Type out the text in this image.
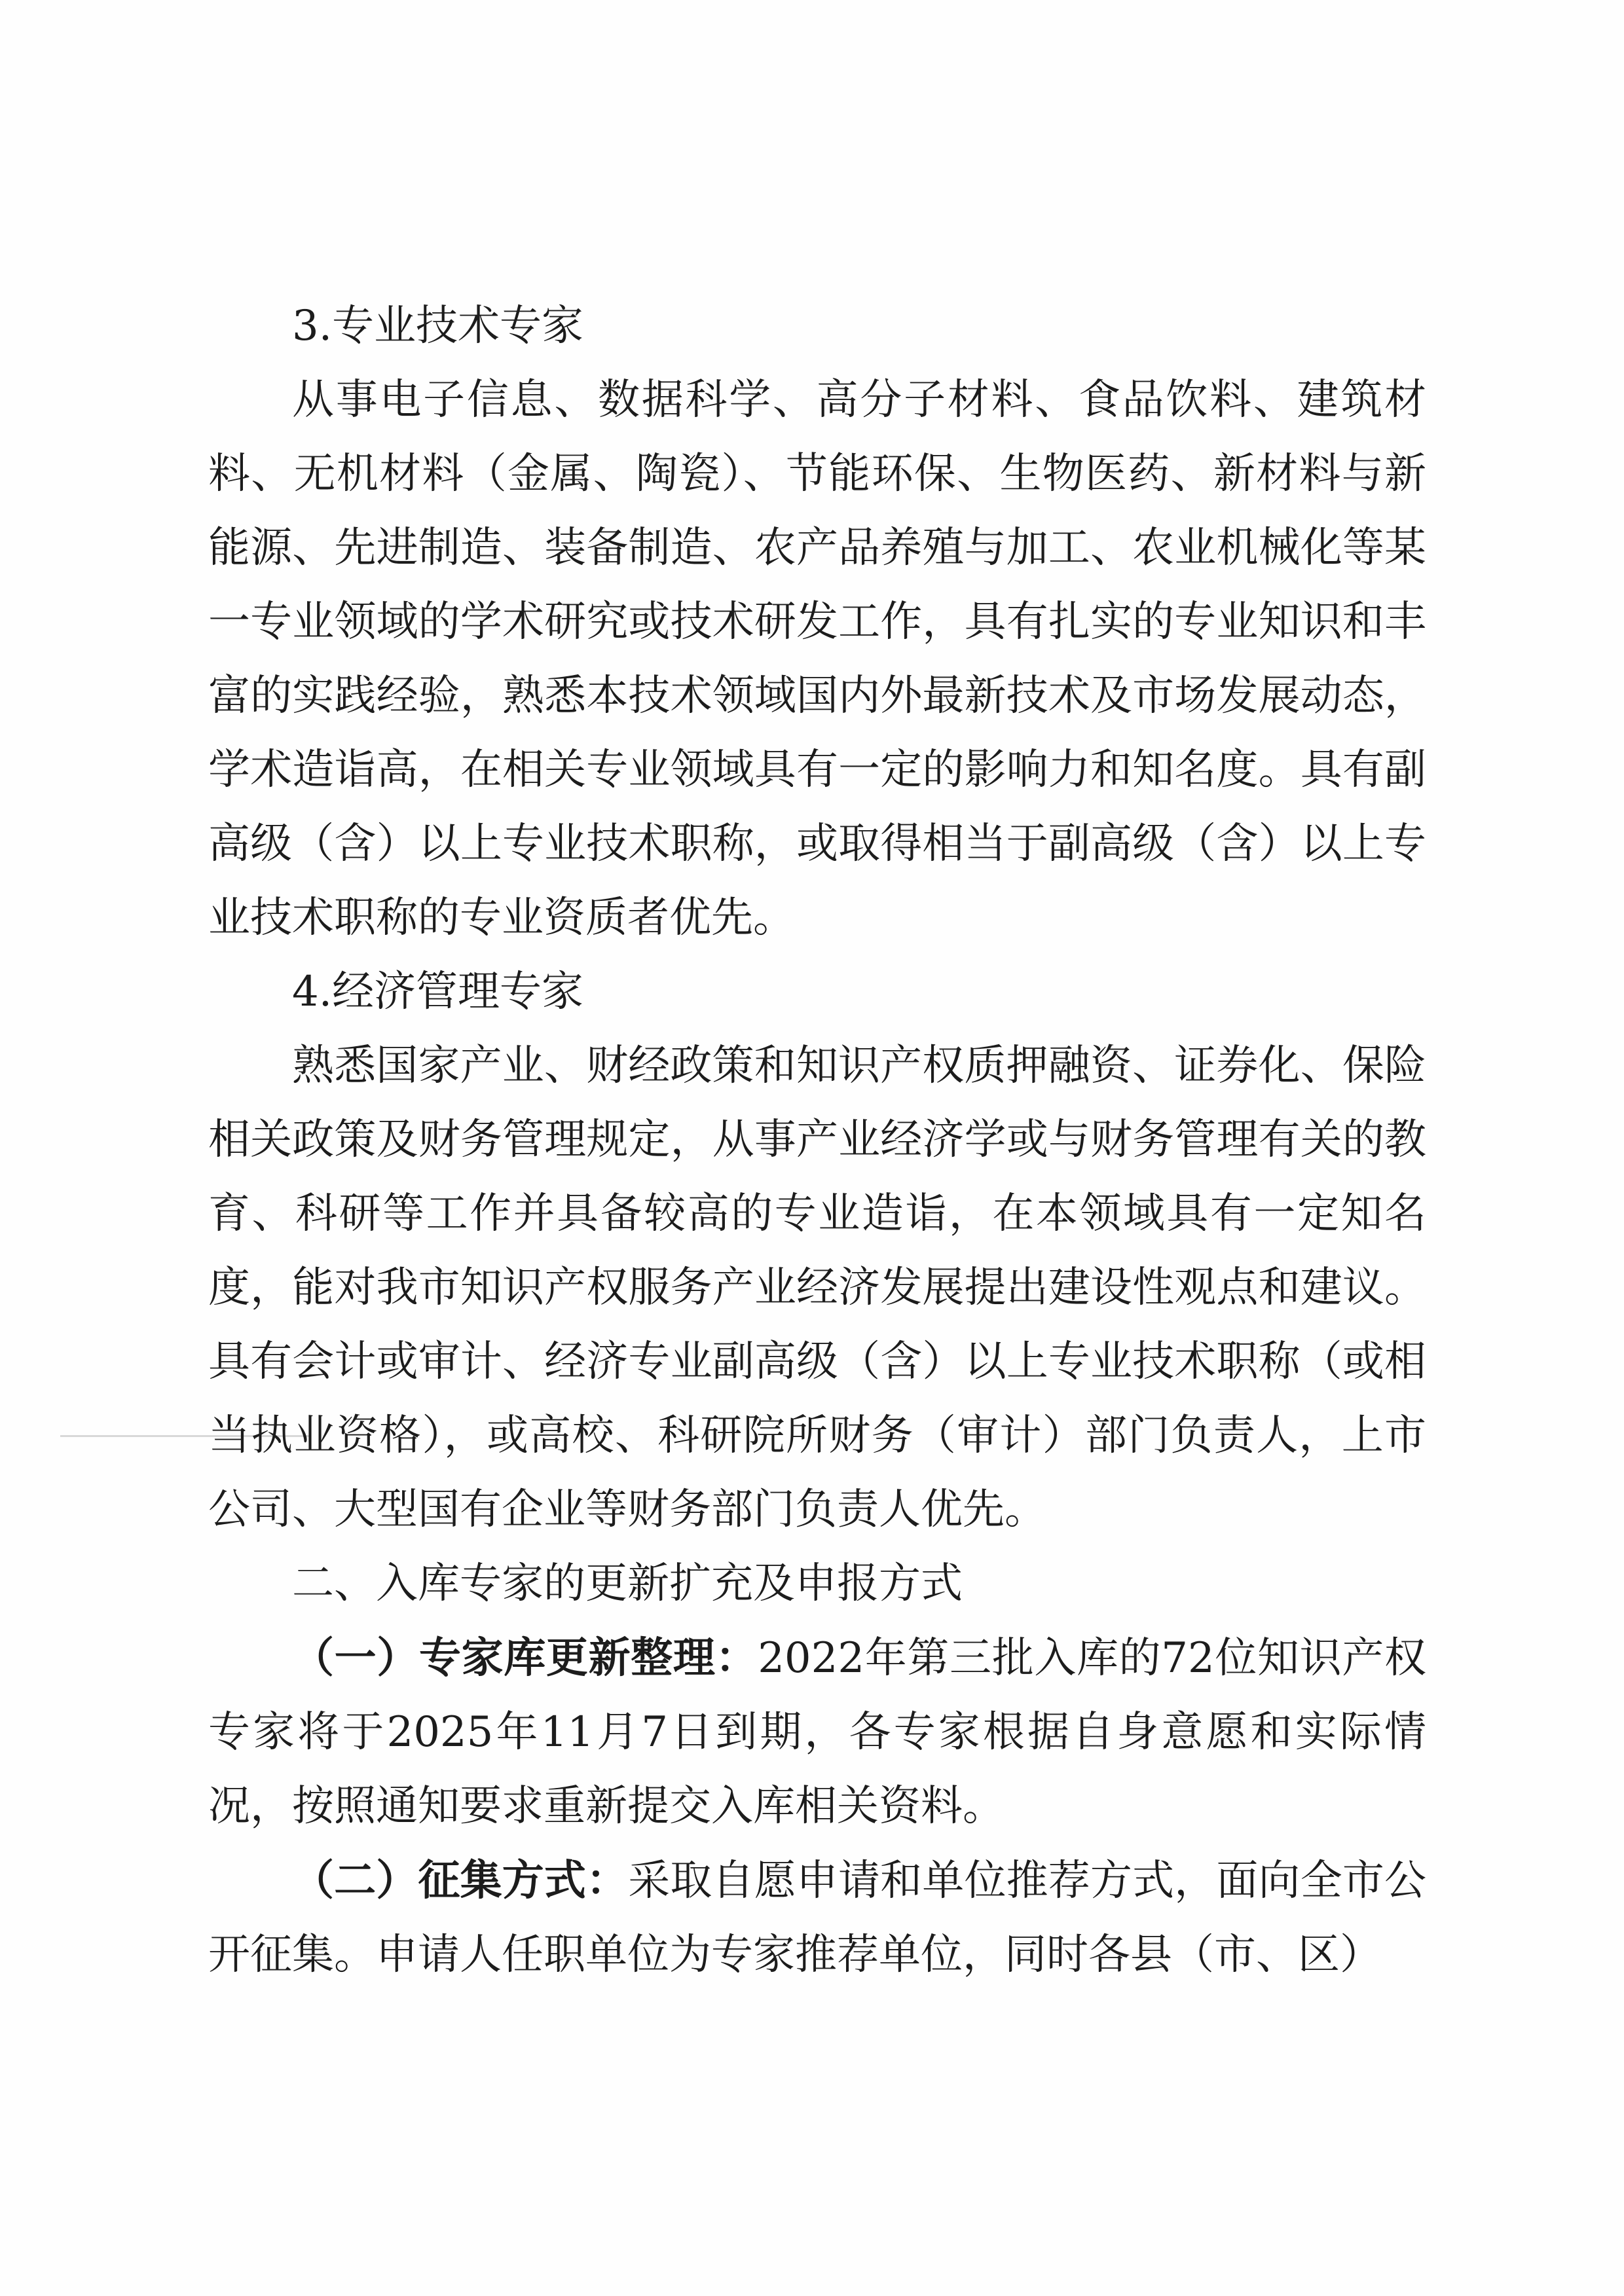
3.专业技术专家

从事电子信息、数据科学、高分子材料、食品饮料、建筑材料、无机材料（金属、陶瓷）、节能环保、生物医药、新材料与新能源、先进制造、装备制造、农产品养殖与加工、农业机械化等某一专业领域的学术研究或技术研发工作，具有扎实的专业知识和丰富的实践经验，熟悉本技术领域国内外最新技术及市场发展动态，学术造诣高，在相关专业领域具有一定的影响力和知名度。具有副高级（含）以上专业技术职称，或取得相当于副高级（含）以上专业技术职称的专业资质者优先。

4.经济管理专家

熟悉国家产业、财经政策和知识产权质押融资、证券化、保险相关政策及财务管理规定，从事产业经济学或与财务管理有关的教育、科研等工作并具备较高的专业造诣，在本领域具有一定知名度，能对我市知识产权服务产业经济发展提出建设性观点和建议。具有会计或审计、经济专业副高级（含）以上专业技术职称（或相当执业资格），或高校、科研院所财务（审计）部门负责人，上市公司、大型国有企业等财务部门负责人优先。

二、入库专家的更新扩充及申报方式

（一）专家库更新整理：2022年第三批入库的72位知识产权专家将于2025年11月7日到期，各专家根据自身意愿和实际情况，按照通知要求重新提交入库相关资料。

（二）征集方式：采取自愿申请和单位推荐方式，面向全市公开征集。申请人任职单位为专家推荐单位，同时各县（市、区）
